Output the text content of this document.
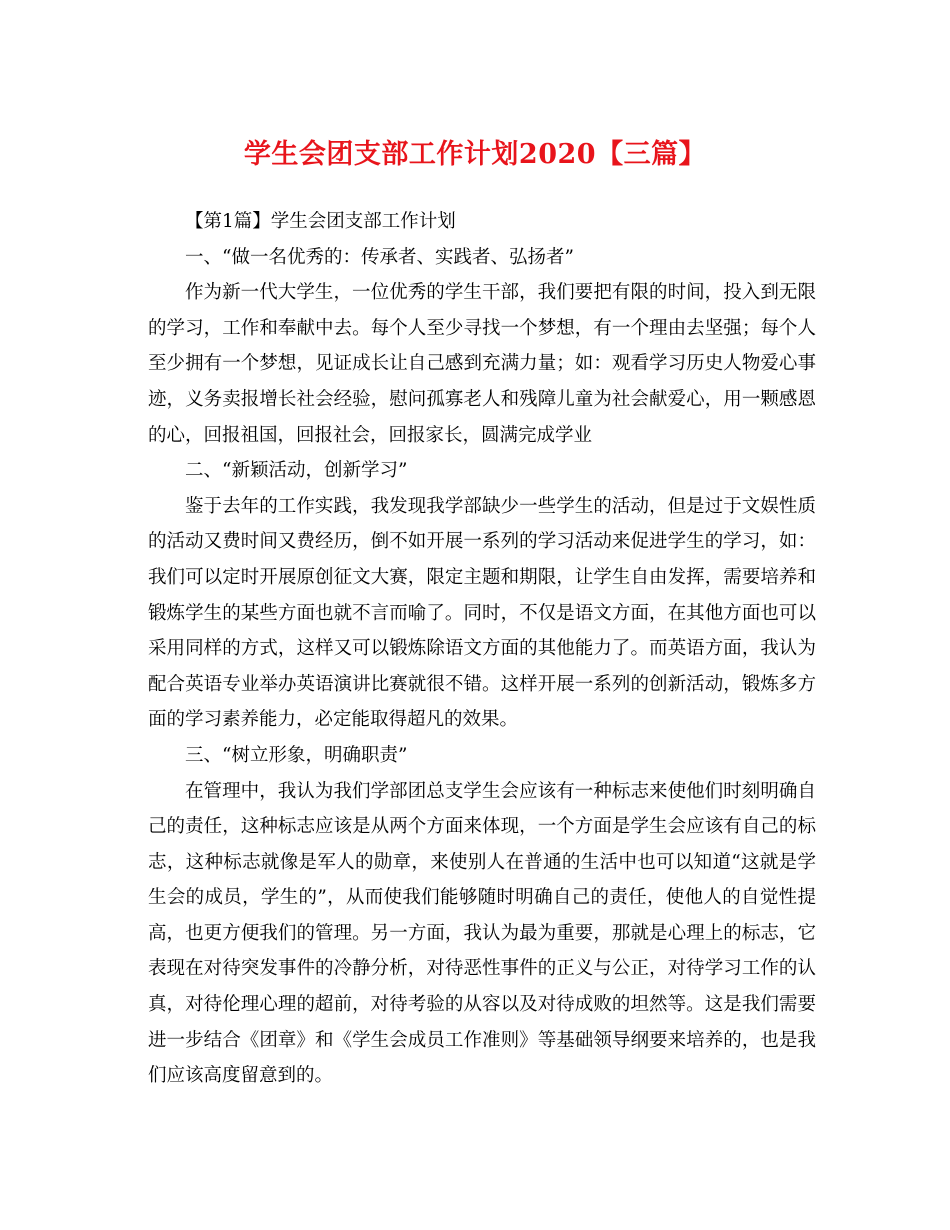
学生会团支部工作计划2020【三篇】

【第1篇】学生会团支部工作计划

一、“做一名优秀的：传承者、实践者、弘扬者”

作为新一代大学生，一位优秀的学生干部，我们要把有限的时间，投入到无限的学习，工作和奉献中去。每个人至少寻找一个梦想，有一个理由去坚强；每个人至少拥有一个梦想，见证成长让自己感到充满力量；如：观看学习历史人物爱心事迹，义务卖报增长社会经验，慰问孤寡老人和残障儿童为社会献爱心，用一颗感恩的心，回报祖国，回报社会，回报家长，圆满完成学业

二、“新颖活动，创新学习”

鉴于去年的工作实践，我发现我学部缺少一些学生的活动，但是过于文娱性质的活动又费时间又费经历，倒不如开展一系列的学习活动来促进学生的学习，如：我们可以定时开展原创征文大赛，限定主题和期限，让学生自由发挥，需要培养和锻炼学生的某些方面也就不言而喻了。同时，不仅是语文方面，在其他方面也可以采用同样的方式，这样又可以锻炼除语文方面的其他能力了。而英语方面，我认为配合英语专业举办英语演讲比赛就很不错。这样开展一系列的创新活动，锻炼多方面的学习素养能力，必定能取得超凡的效果。

三、“树立形象，明确职责”

在管理中，我认为我们学部团总支学生会应该有一种标志来使他们时刻明确自己的责任，这种标志应该是从两个方面来体现，一个方面是学生会应该有自己的标志，这种标志就像是军人的勋章，来使别人在普通的生活中也可以知道“这就是学生会的成员，学生的”，从而使我们能够随时明确自己的责任，使他人的自觉性提高，也更方便我们的管理。另一方面，我认为最为重要，那就是心理上的标志，它表现在对待突发事件的冷静分析，对待恶性事件的正义与公正，对待学习工作的认真，对待伦理心理的超前，对待考验的从容以及对待成败的坦然等。这是我们需要进一步结合《团章》和《学生会成员工作准则》等基础领导纲要来培养的，也是我们应该高度留意到的。
